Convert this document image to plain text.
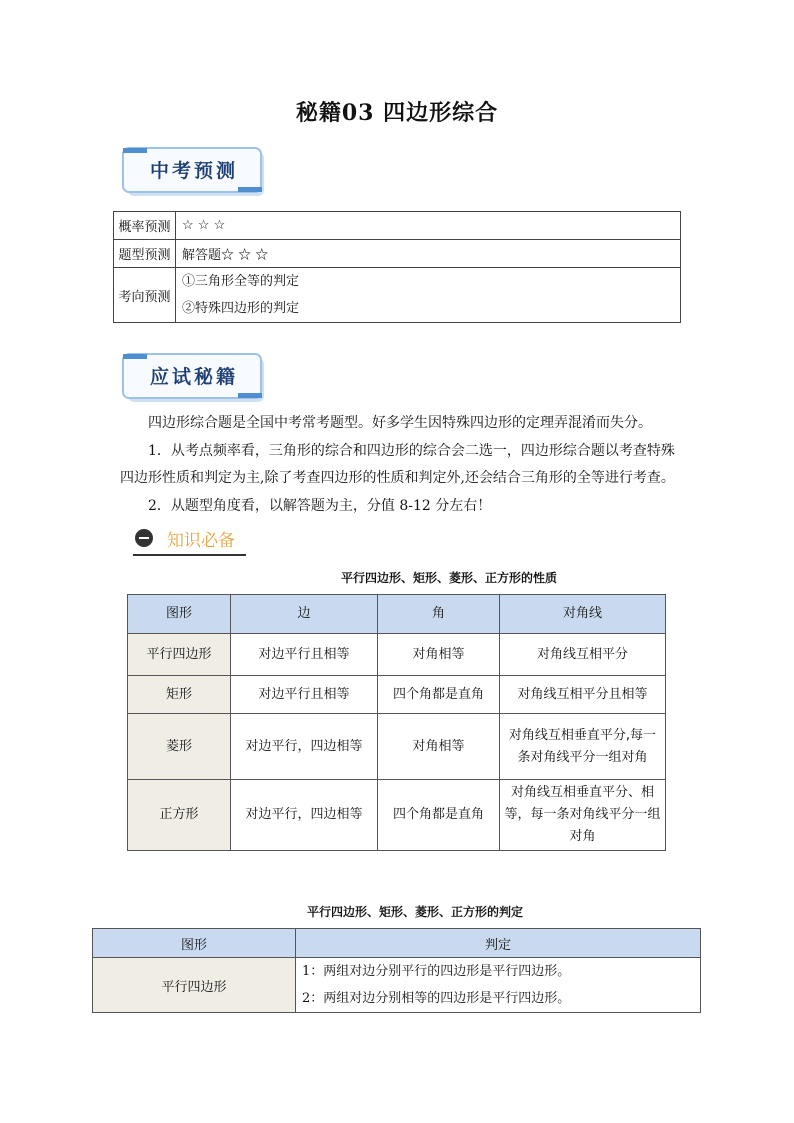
秘籍03 四边形综合
中考预测
概率预测	☆ ☆ ☆
题型预测	解答题☆ ☆ ☆
考向预测	①三角形全等的判定
②特殊四边形的判定
应试秘籍
四边形综合题是全国中考常考题型。好多学生因特殊四边形的定理弄混淆而失分。
1．从考点频率看，三角形的综合和四边形的综合会二选一，四边形综合题以考查特殊四边形性质和判定为主,除了考查四边形的性质和判定外,还会结合三角形的全等进行考查。
2．从题型角度看，以解答题为主，分值 8-12 分左右！
知识必备
平行四边形、矩形、菱形、正方形的性质
图形	边	角	对角线
平行四边形	对边平行且相等	对角相等	对角线互相平分
矩形	对边平行且相等	四个角都是直角	对角线互相平分且相等
菱形	对边平行，四边相等	对角相等	对角线互相垂直平分,每一条对角线平分一组对角
正方形	对边平行，四边相等	四个角都是直角	对角线互相垂直平分、相等，每一条对角线平分一组对角
平行四边形、矩形、菱形、正方形的判定
图形	判定
平行四边形	1：两组对边分别平行的四边形是平行四边形。
2：两组对边分别相等的四边形是平行四边形。
